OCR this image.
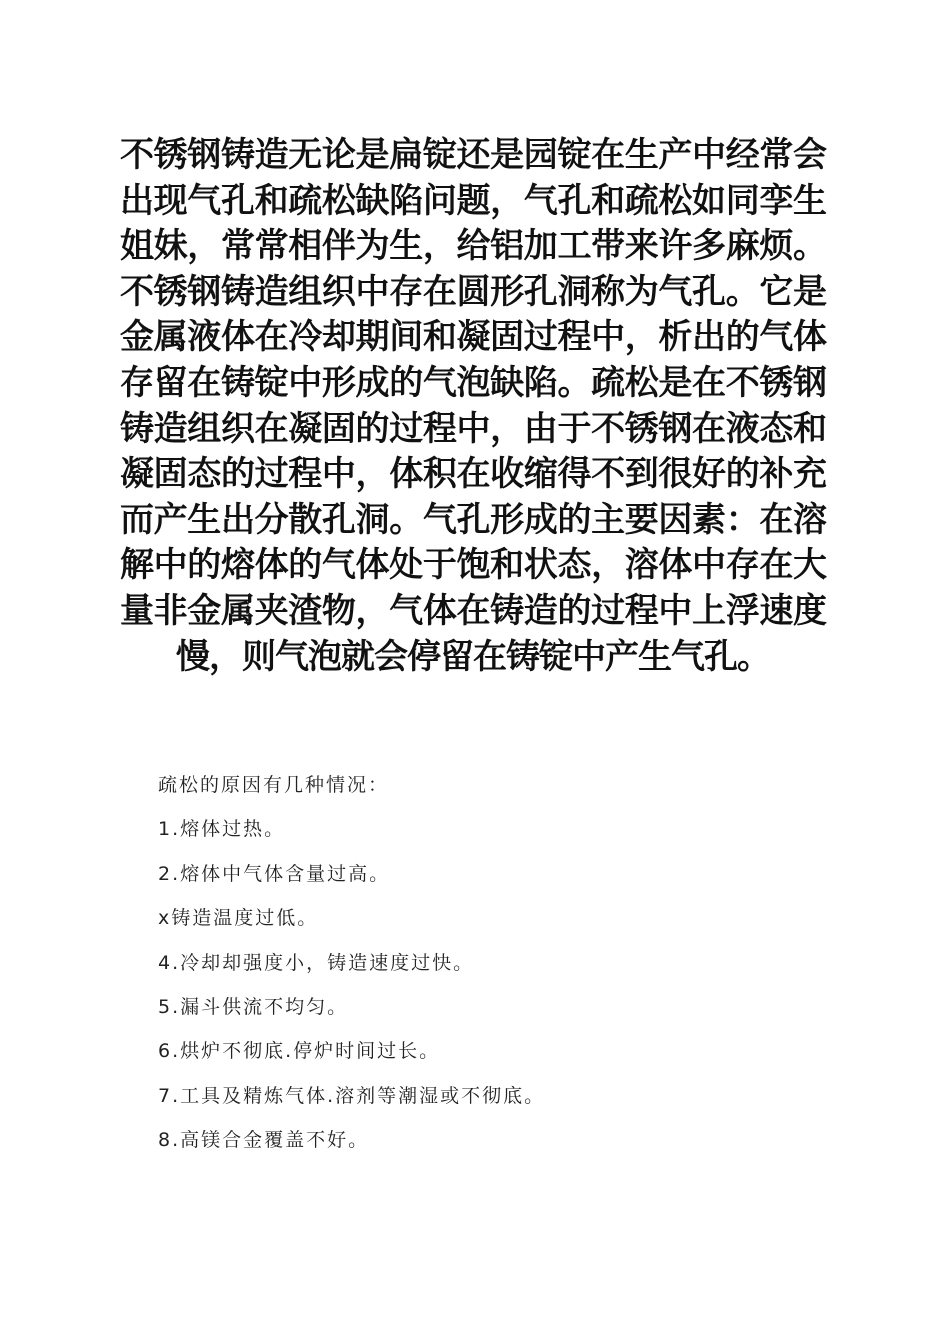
不锈钢铸造无论是扁锭还是园锭在生产中经常会出现气孔和疏松缺陷问题，气孔和疏松如同孪生姐妹，常常相伴为生，给铝加工带来许多麻烦。不锈钢铸造组织中存在圆形孔洞称为气孔。它是金属液体在冷却期间和凝固过程中，析出的气体存留在铸锭中形成的气泡缺陷。疏松是在不锈钢铸造组织在凝固的过程中，由于不锈钢在液态和凝固态的过程中，体积在收缩得不到很好的补充而产生出分散孔洞。气孔形成的主要因素：在溶解中的熔体的气体处于饱和状态，溶体中存在大量非金属夹渣物，气体在铸造的过程中上浮速度慢，则气泡就会停留在铸锭中产生气孔。

疏松的原因有几种情况：
1.熔体过热。
2.熔体中气体含量过高。
x铸造温度过低。
4.冷却却强度小，铸造速度过快。
5.漏斗供流不均匀。
6.烘炉不彻底.停炉时间过长。
7.工具及精炼气体.溶剂等潮湿或不彻底。
8.高镁合金覆盖不好。
